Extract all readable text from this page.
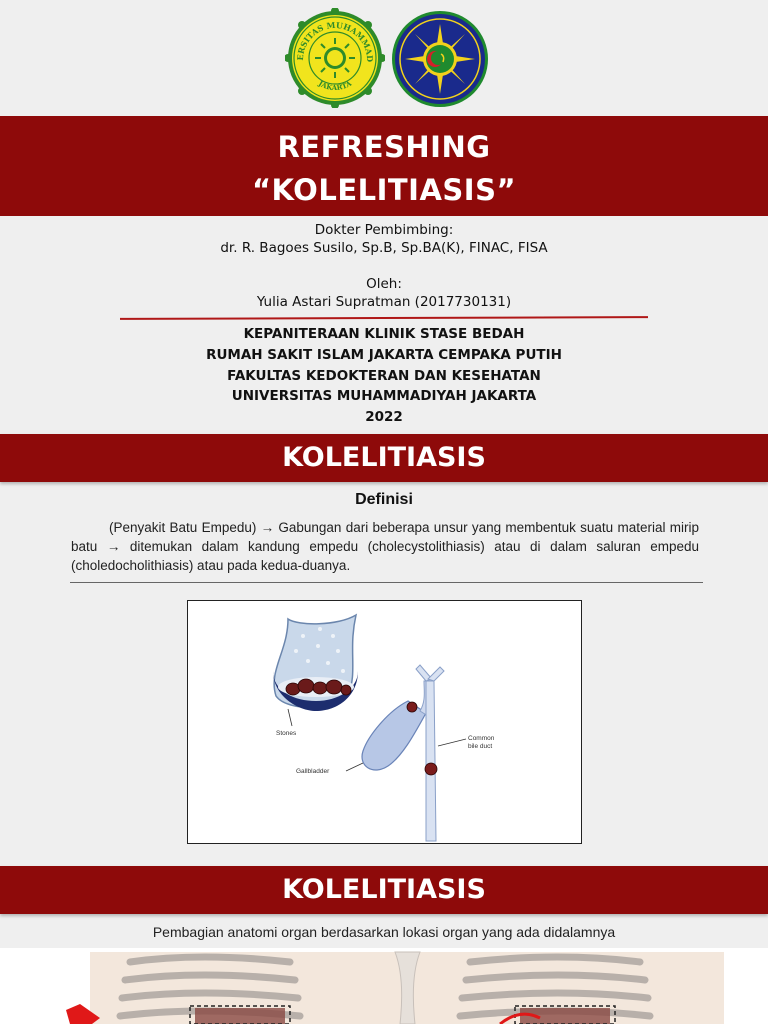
ERSITAS MUHAMMAD
JAKARTA
REFRESHING
“KOLELITIASIS”
Dokter Pembimbing:
dr. R. Bagoes Susilo, Sp.B, Sp.BA(K), FINAC, FISA
Oleh:
Yulia Astari Supratman (2017730131)
KEPANITERAAN KLINIK STASE BEDAH
RUMAH SAKIT ISLAM JAKARTA CEMPAKA PUTIH
FAKULTAS KEDOKTERAN DAN KESEHATAN
UNIVERSITAS MUHAMMADIYAH JAKARTA
2022
KOLELITIASIS
Definisi
(Penyakit Batu Empedu) → Gabungan dari beberapa unsur yang membentuk suatu material mirip batu → ditemukan dalam kandung empedu (cholecystolithiasis) atau di dalam saluran empedu (choledocholithiasis) atau pada kedua-duanya.
Stones
Gallbladder
Common
bile duct
KOLELITIASIS
Pembagian anatomi organ berdasarkan lokasi organ yang ada didalamnya
